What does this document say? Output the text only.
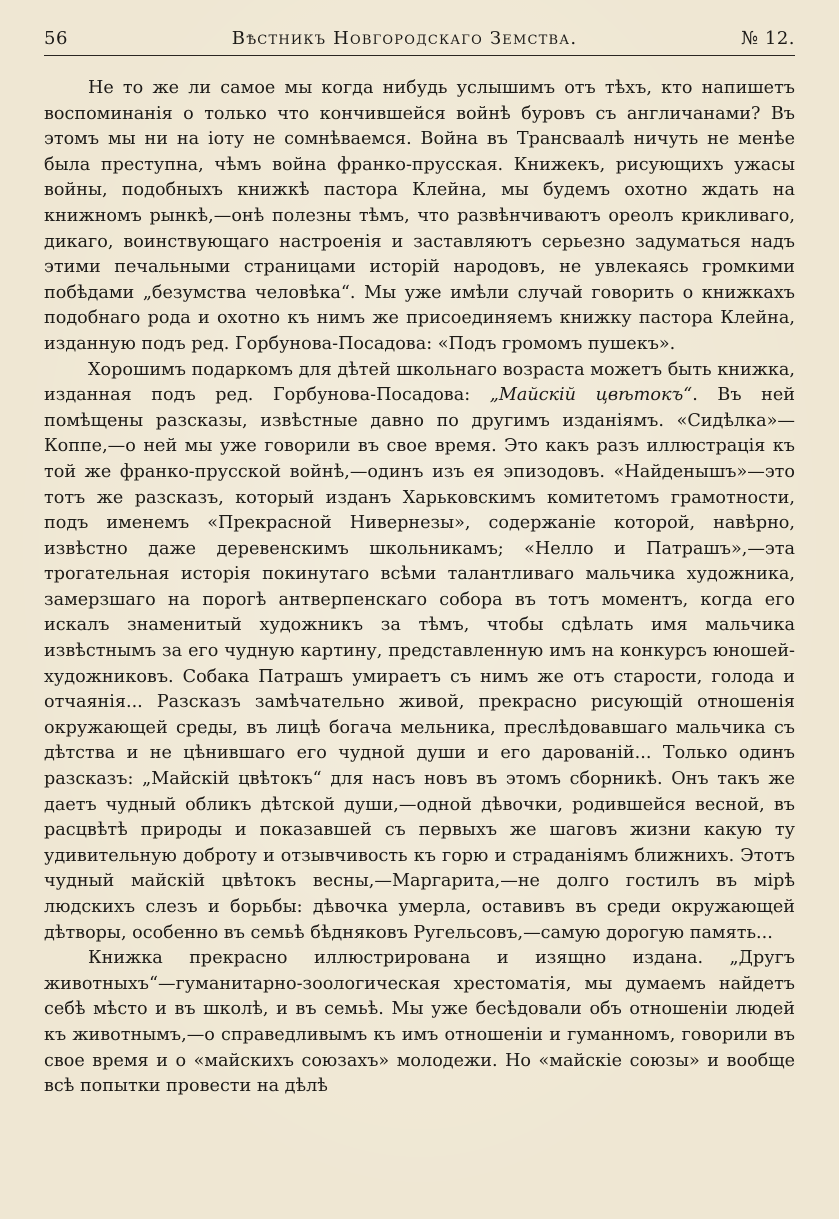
56	Вѣстникъ Новгородскаго Земства.	№ 12.

Не то же ли самое мы когда нибудь услышимъ отъ тѣхъ, кто напишетъ воспоминанія о только что кончившейся войнѣ буровъ съ англичанами? Въ этомъ мы ни на іоту не сомнѣваемся. Война въ Трансваалѣ ничуть не менѣе была преступна, чѣмъ война франко-прусская. Книжекъ, рисующихъ ужасы войны, подобныхъ книжкѣ пастора Клейна, мы будемъ охотно ждать на книжномъ рынкѣ,—онѣ полезны тѣмъ, что развѣнчиваютъ ореолъ крикливаго, дикаго, воинствующаго настроенія и заставляютъ серьезно задуматься надъ этими печальными страницами исторій народовъ, не увлекаясь громкими побѣдами „безумства человѣка“. Мы уже имѣли случай говорить о книжкахъ подобнаго рода и охотно къ нимъ же присоединяемъ книжку пастора Клейна, изданную подъ ред. Горбунова-Посадова: «Подъ громомъ пушекъ».

Хорошимъ подаркомъ для дѣтей школьнаго возраста можетъ быть книжка, изданная подъ ред. Горбунова-Посадова: „Майскій цвѣтокъ“. Въ ней помѣщены разсказы, извѣстные давно по другимъ изданіямъ. «Сидѣлка»—Коппе,—о ней мы уже говорили въ свое время. Это какъ разъ иллюстрація къ той же франко-прусской войнѣ,—одинъ изъ ея эпизодовъ. «Найденышъ»—это тотъ же разсказъ, который изданъ Харьковскимъ комитетомъ грамотности, подъ именемъ «Прекрасной Нивернезы», содержаніе которой, навѣрно, извѣстно даже деревенскимъ школьникамъ; «Нелло и Патрашъ»,—эта трогательная исторія покинутаго всѣми талантливаго мальчика художника, замерзшаго на порогѣ антверпенскаго собора въ тотъ моментъ, когда его искалъ знаменитый художникъ за тѣмъ, чтобы сдѣлать имя мальчика извѣстнымъ за его чудную картину, представленную имъ на конкурсъ юношей-художниковъ. Собака Патрашъ умираетъ съ нимъ же отъ старости, голода и отчаянія... Разсказъ замѣчательно живой, прекрасно рисующій отношенія окружающей среды, въ лицѣ богача мельника, преслѣдовавшаго мальчика съ дѣтства и не цѣнившаго его чудной души и его дарованій... Только одинъ разсказъ: „Майскій цвѣтокъ“ для насъ новъ въ этомъ сборникѣ. Онъ такъ же даетъ чудный обликъ дѣтской души,—одной дѣвочки, родившейся весной, въ расцвѣтѣ природы и показавшей съ первыхъ же шаговъ жизни какую ту удивительную доброту и отзывчивость къ горю и страданіямъ ближнихъ. Этотъ чудный майскій цвѣтокъ весны,—Маргарита,—не долго гостилъ въ мірѣ людскихъ слезъ и борьбы: дѣвочка умерла, оставивъ въ среди окружающей дѣтворы, особенно въ семьѣ бѣдняковъ Ругельсовъ,—самую дорогую память...

Книжка прекрасно иллюстрирована и изящно издана. „Другъ животныхъ“—гуманитарно-зоологическая хрестоматія, мы думаемъ найдетъ себѣ мѣсто и въ школѣ, и въ семьѣ. Мы уже бесѣдовали объ отношеніи людей къ животнымъ,—о справедливымъ къ имъ отношеніи и гуманномъ, говорили въ свое время и о «майскихъ союзахъ» молодежи. Но «майскіе союзы» и вообще всѣ попытки провести на дѣлѣ
